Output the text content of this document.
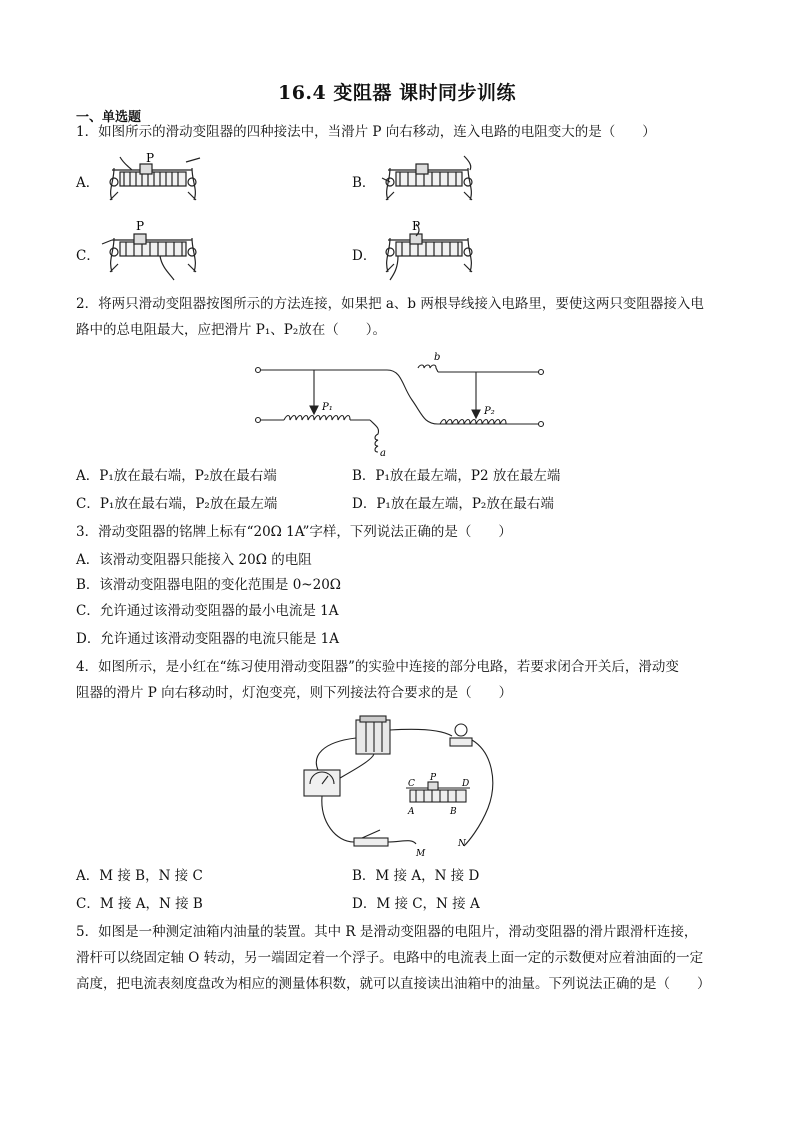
16.4 变阻器 课时同步训练
一、单选题
1．如图所示的滑动变阻器的四种接法中，当滑片 P 向右移动，连入电路的电阻变大的是（　　）
A．
P
B．
C．
P
D．
P
2．将两只滑动变阻器按图所示的方法连接，如果把 a、b 两根导线接入电路里，要使这两只变阻器接入电
路中的总电阻最大，应把滑片 P₁、P₂放在（　　）。
P₁	P₂
a
b
A．P₁放在最右端，P₂放在最右端	B．P₁放在最左端，P2 放在最左端
C．P₁放在最右端，P₂放在最左端	D．P₁放在最左端，P₂放在最右端
3．滑动变阻器的铭牌上标有“20Ω 1A”字样，下列说法正确的是（　　）
A．该滑动变阻器只能接入 20Ω 的电阻
B．该滑动变阻器电阻的变化范围是 0~20Ω
C．允许通过该滑动变阻器的最小电流是 1A
D．允许通过该滑动变阻器的电流只能是 1A
4．如图所示，是小红在“练习使用滑动变阻器”的实验中连接的部分电路，若要求闭合开关后，滑动变
阻器的滑片 P 向右移动时，灯泡变亮，则下列接法符合要求的是（　　）
C	D
A	B
P
M
N
A．M 接 B，N 接 C	B．M 接 A，N 接 D
C．M 接 A，N 接 B	D．M 接 C，N 接 A
5．如图是一种测定油箱内油量的装置。其中 R 是滑动变阻器的电阻片，滑动变阻器的滑片跟滑杆连接，
滑杆可以绕固定轴 O 转动，另一端固定着一个浮子。电路中的电流表上面一定的示数便对应着油面的一定
高度，把电流表刻度盘改为相应的测量体积数，就可以直接读出油箱中的油量。下列说法正确的是（　　）
